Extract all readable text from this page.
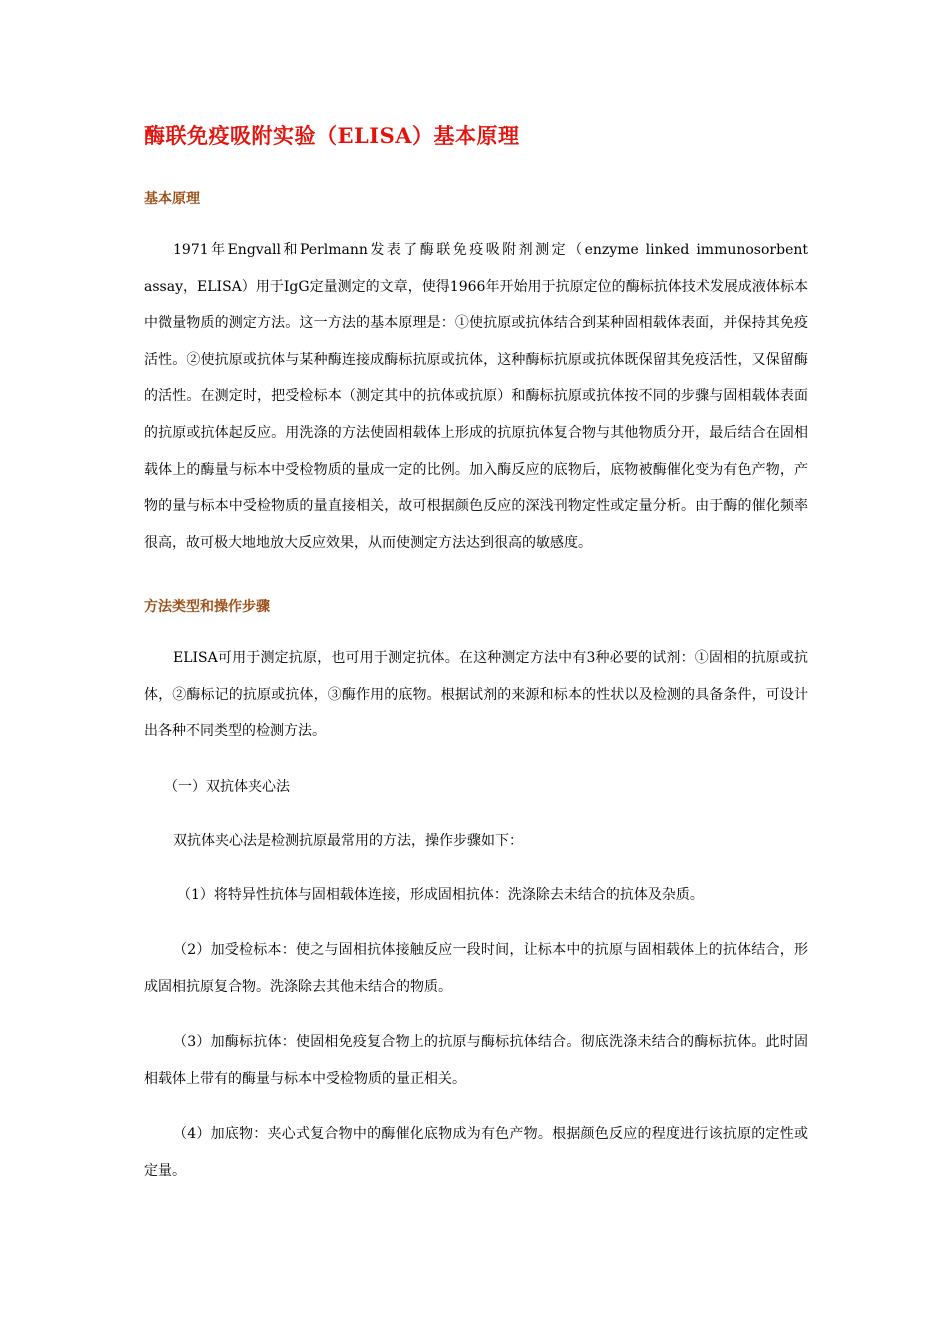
酶联免疫吸附实验（ELISA）基本原理
基本原理

1971年Engvall和Perlmann发表了酶联免疫吸附剂测定（enzyme linked immunosorbent assay，ELISA）用于IgG定量测定的文章，使得1966年开始用于抗原定位的酶标抗体技术发展成液体标本中微量物质的测定方法。这一方法的基本原理是：①使抗原或抗体结合到某种固相载体表面，并保持其免疫活性。②使抗原或抗体与某种酶连接成酶标抗原或抗体，这种酶标抗原或抗体既保留其免疫活性，又保留酶的活性。在测定时，把受检标本（测定其中的抗体或抗原）和酶标抗原或抗体按不同的步骤与固相载体表面的抗原或抗体起反应。用洗涤的方法使固相载体上形成的抗原抗体复合物与其他物质分开，最后结合在固相载体上的酶量与标本中受检物质的量成一定的比例。加入酶反应的底物后，底物被酶催化变为有色产物，产物的量与标本中受检物质的量直接相关，故可根据颜色反应的深浅刊物定性或定量分析。由于酶的催化频率很高，故可极大地地放大反应效果，从而使测定方法达到很高的敏感度。

方法类型和操作步骤

ELISA可用于测定抗原，也可用于测定抗体。在这种测定方法中有3种必要的试剂：①固相的抗原或抗体，②酶标记的抗原或抗体，③酶作用的底物。根据试剂的来源和标本的性状以及检测的具备条件，可设计出各种不同类型的检测方法。

（一）双抗体夹心法

双抗体夹心法是检测抗原最常用的方法，操作步骤如下：

（1）将特异性抗体与固相载体连接，形成固相抗体：洗涤除去未结合的抗体及杂质。

（2）加受检标本：使之与固相抗体接触反应一段时间，让标本中的抗原与固相载体上的抗体结合，形成固相抗原复合物。洗涤除去其他未结合的物质。

（3）加酶标抗体：使固相免疫复合物上的抗原与酶标抗体结合。彻底洗涤未结合的酶标抗体。此时固相载体上带有的酶量与标本中受检物质的量正相关。

（4）加底物：夹心式复合物中的酶催化底物成为有色产物。根据颜色反应的程度进行该抗原的定性或定量。
